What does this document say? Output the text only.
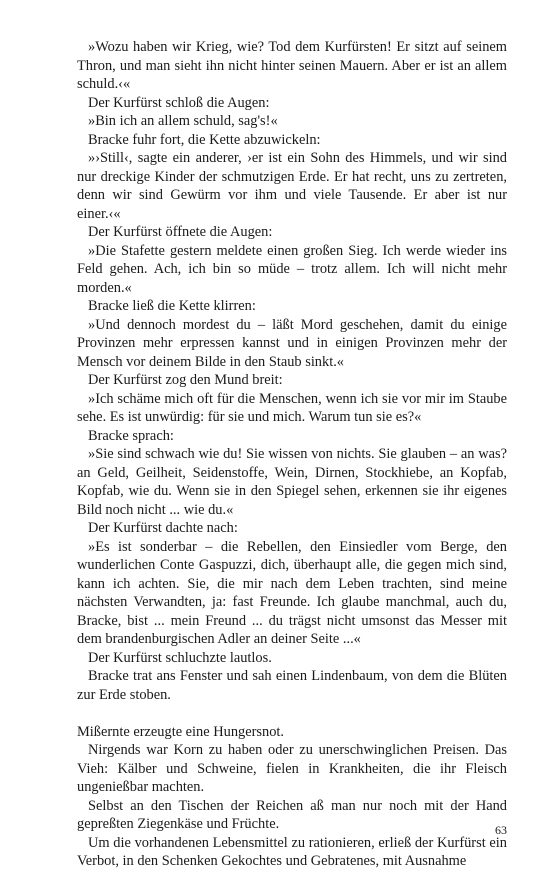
»Wozu haben wir Krieg, wie? Tod dem Kurfürsten! Er sitzt auf seinem Thron, und man sieht ihn nicht hinter seinen Mauern. Aber er ist an allem schuld.‹«

Der Kurfürst schloß die Augen:

»Bin ich an allem schuld, sag's!«

Bracke fuhr fort, die Kette abzuwickeln:

»›Still‹, sagte ein anderer, ›er ist ein Sohn des Himmels, und wir sind nur dreckige Kinder der schmutzigen Erde. Er hat recht, uns zu zertreten, denn wir sind Gewürm vor ihm und viele Tausende. Er aber ist nur einer.‹«

Der Kurfürst öffnete die Augen:

»Die Stafette gestern meldete einen großen Sieg. Ich werde wieder ins Feld gehen. Ach, ich bin so müde – trotz allem. Ich will nicht mehr morden.«

Bracke ließ die Kette klirren:

»Und dennoch mordest du – läßt Mord geschehen, damit du einige Provinzen mehr erpressen kannst und in einigen Provinzen mehr der Mensch vor deinem Bilde in den Staub sinkt.«

Der Kurfürst zog den Mund breit:

»Ich schäme mich oft für die Menschen, wenn ich sie vor mir im Staube sehe. Es ist unwürdig: für sie und mich. Warum tun sie es?«

Bracke sprach:

»Sie sind schwach wie du! Sie wissen von nichts. Sie glauben – an was? an Geld, Geilheit, Seidenstoffe, Wein, Dirnen, Stockhiebe, an Kopfab, Kopfab, wie du. Wenn sie in den Spiegel sehen, erkennen sie ihr eigenes Bild noch nicht ... wie du.«

Der Kurfürst dachte nach:

»Es ist sonderbar – die Rebellen, den Einsiedler vom Berge, den wunderlichen Conte Gaspuzzi, dich, überhaupt alle, die gegen mich sind, kann ich achten. Sie, die mir nach dem Leben trachten, sind meine nächsten Verwandten, ja: fast Freunde. Ich glaube manchmal, auch du, Bracke, bist ... mein Freund ... du trägst nicht umsonst das Messer mit dem brandenburgischen Adler an deiner Seite ...«

Der Kurfürst schluchzte lautlos.

Bracke trat ans Fenster und sah einen Lindenbaum, von dem die Blüten zur Erde stoben.

Mißernte erzeugte eine Hungersnot.

Nirgends war Korn zu haben oder zu unerschwinglichen Preisen. Das Vieh: Kälber und Schweine, fielen in Krankheiten, die ihr Fleisch ungenießbar machten.

Selbst an den Tischen der Reichen aß man nur noch mit der Hand gepreßten Ziegenkäse und Früchte.

Um die vorhandenen Lebensmittel zu rationieren, erließ der Kurfürst ein Verbot, in den Schenken Gekochtes und Gebratenes, mit Ausnahme

63
